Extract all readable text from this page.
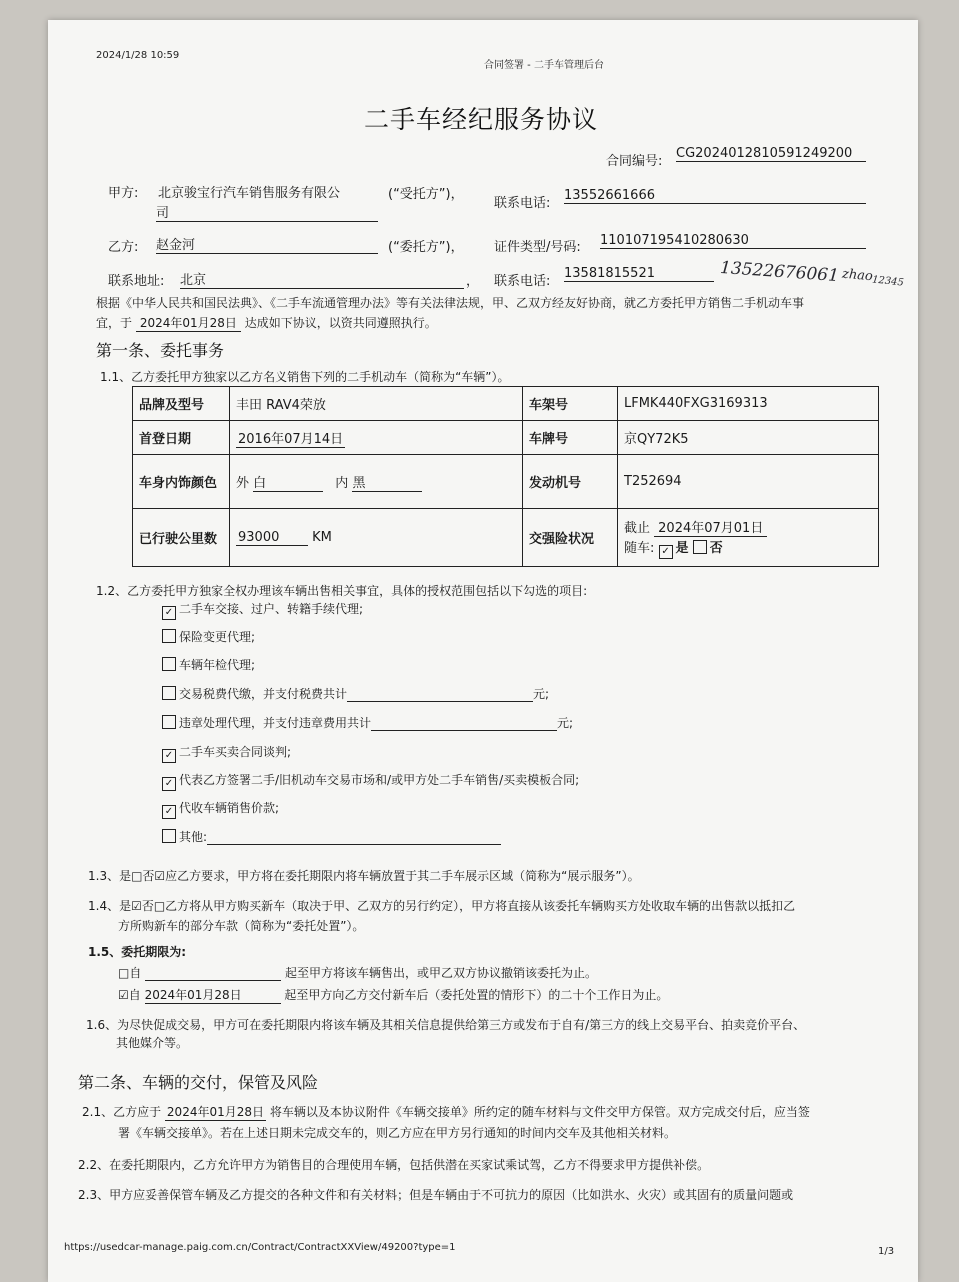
2024/1/28 10:59
合同签署 - 二手车管理后台
二手车经纪服务协议
合同编号:
CG2024012810591249200
甲方: 北京骏宝行汽车销售服务有限公
司
(“受托方”)，
联系电话:
13552661666
乙方: 赵金河	(“委托方”)， 证件类型/号码: 110107195410280630
联系地址: 北京	， 联系电话:
13581815521	13522676061 zhao
12345
根据《中华人民共和国民法典》、《二手车流通管理办法》等有关法律法规，甲、乙双方经友好协商，就乙方委托甲方销售二手机动车事
宜，于 2024年01月28日 达成如下协议，以资共同遵照执行。
第一条、委托事务
1.1、乙方委托甲方独家以乙方名义销售下列的二手机动车（简称为“车辆”）。
品牌及型号	丰田 RAV4荣放	车架号	LFMK440FXG3169313
首登日期	2016年07月14日	车牌号	京QY72K5
车身内饰颜色	外 白 内 黑	发动机号	T252694
已行驶公里数	93000 KM	交强险状况	截止 2024年07月01日
随车: ✓ 是 否
1.2、乙方委托甲方独家全权办理该车辆出售相关事宜，具体的授权范围包括以下勾选的项目:
✓ 二手车交接、过户、转籍手续代理;
保险变更代理;
车辆年检代理;
交易税费代缴，并支付税费共计	元;
违章处理代理，并支付违章费用共计	元;
✓ 二手车买卖合同谈判;
✓ 代表乙方签署二手/旧机动车交易市场和/或甲方处二手车销售/买卖模板合同;
✓ 代收车辆销售价款;
其他:
1.3、是□否☑应乙方要求，甲方将在委托期限内将车辆放置于其二手车展示区域（简称为“展示服务”）。
1.4、是☑否□乙方将从甲方购买新车（取决于甲、乙双方的另行约定），甲方将直接从该委托车辆购买方处收取车辆的出售款以抵扣乙
方所购新车的部分车款（简称为“委托处置”）。
1.5、委托期限为:
□自	起至甲方将该车辆售出，或甲乙双方协议撤销该委托为止。
☑自 2024年01月28日	起至甲方向乙方交付新车后（委托处置的情形下）的二十个工作日为止。
1.6、为尽快促成交易，甲方可在委托期限内将该车辆及其相关信息提供给第三方或发布于自有/第三方的线上交易平台、拍卖竞价平台、
其他媒介等。
第二条、车辆的交付，保管及风险
2.1、乙方应于 2024年01月28日 将车辆以及本协议附件《车辆交接单》所约定的随车材料与文件交甲方保管。双方完成交付后，应当签
署《车辆交接单》。若在上述日期未完成交车的，则乙方应在甲方另行通知的时间内交车及其他相关材料。
2.2、在委托期限内，乙方允许甲方为销售目的合理使用车辆，包括供潜在买家试乘试驾，乙方不得要求甲方提供补偿。
2.3、甲方应妥善保管车辆及乙方提交的各种文件和有关材料；但是车辆由于不可抗力的原因（比如洪水、火灾）或其固有的质量问题或
https://usedcar-manage.paig.com.cn/Contract/ContractXXView/49200?type=1	1/3
